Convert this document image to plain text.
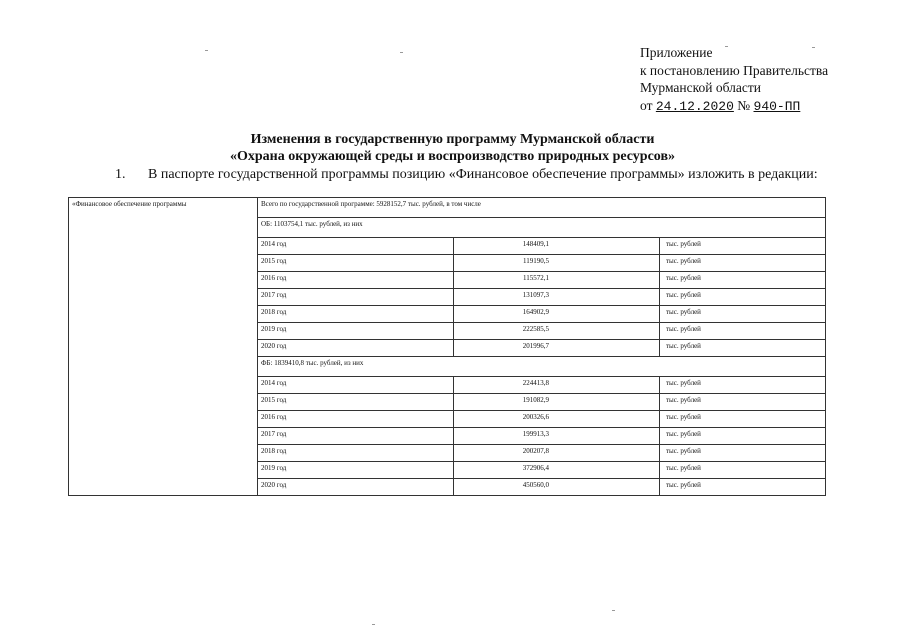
Приложение
к постановлению Правительства
Мурманской области
от 24.12.2020 № 940-ПП
Изменения в государственную программу Мурманской области
«Охрана окружающей среды и воспроизводство природных ресурсов»
1. В паспорте государственной программы позицию «Финансовое обеспечение программы» изложить в редакции:
«Финансовое обеспечение программы	Всего по государственной программе: 5928152,7 тыс. рублей, в том числе		
	ОБ: 1103754,1 тыс. рублей, из них		
	2014 год	148409,1	тыс. рублей
	2015 год	119190,5	тыс. рублей
	2016 год	115572,1	тыс. рублей
	2017 год	131097,3	тыс. рублей
	2018 год	164902,9	тыс. рублей
	2019 год	222585,5	тыс. рублей
	2020 год	201996,7	тыс. рублей
	ФБ: 1839410,8 тыс. рублей, из них		
	2014 год	224413,8	тыс. рублей
	2015 год	191082,9	тыс. рублей
	2016 год	200326,6	тыс. рублей
	2017 год	199913,3	тыс. рублей
	2018 год	200207,8	тыс. рублей
	2019 год	372906,4	тыс. рублей
	2020 год	450560,0	тыс. рублей
